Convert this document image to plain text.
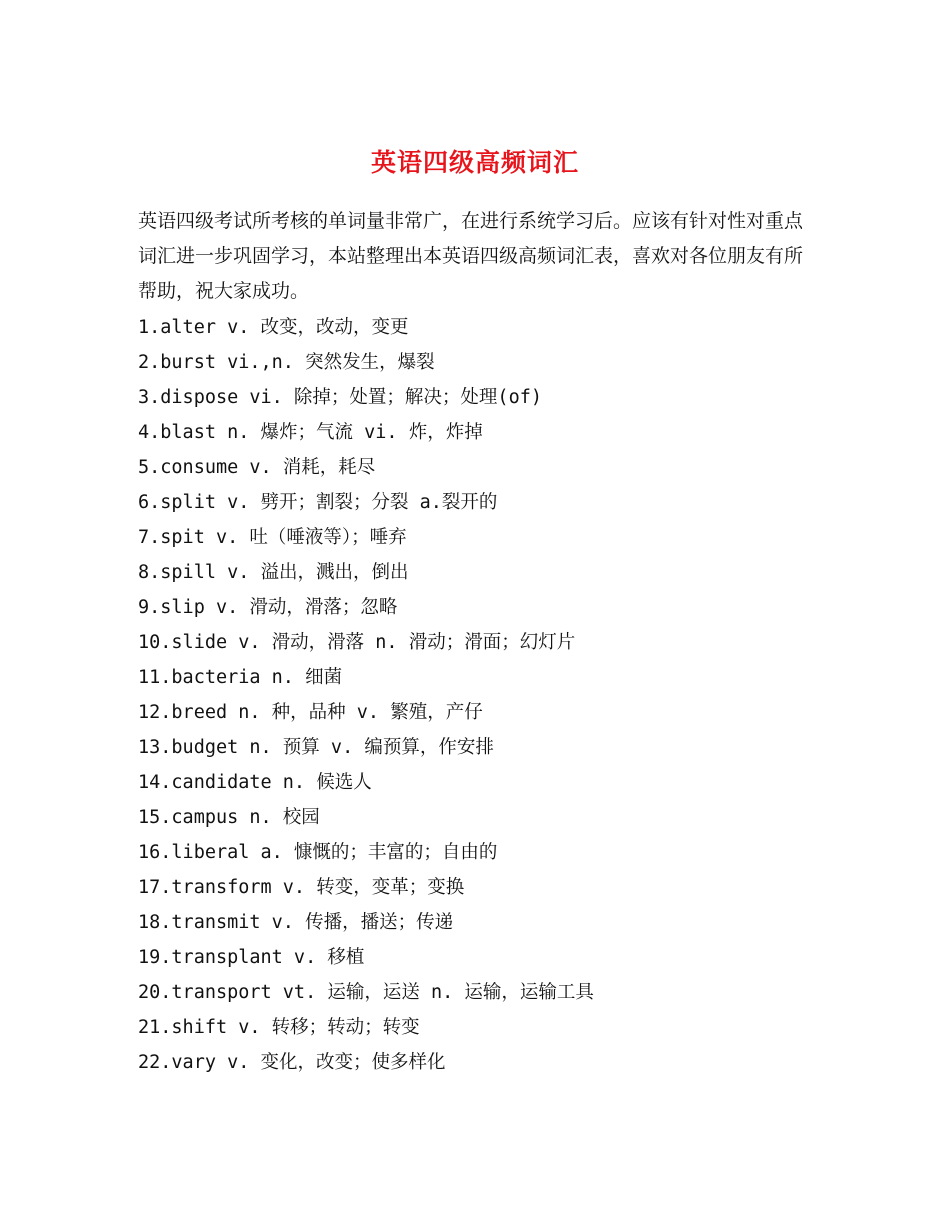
英语四级高频词汇

英语四级考试所考核的单词量非常广，在进行系统学习后。应该有针对性对重点词汇进一步巩固学习，本站整理出本英语四级高频词汇表，喜欢对各位朋友有所帮助，祝大家成功。

1.alter v. 改变，改动，变更
2.burst vi.,n. 突然发生，爆裂
3.dispose vi. 除掉；处置；解决；处理(of)
4.blast n. 爆炸；气流 vi. 炸，炸掉
5.consume v. 消耗，耗尽
6.split v. 劈开；割裂；分裂 a.裂开的
7.spit v. 吐（唾液等）；唾弃
8.spill v. 溢出，溅出，倒出
9.slip v. 滑动，滑落；忽略
10.slide v. 滑动，滑落 n. 滑动；滑面；幻灯片
11.bacteria n. 细菌
12.breed n. 种，品种 v. 繁殖，产仔
13.budget n. 预算 v. 编预算，作安排
14.candidate n. 候选人
15.campus n. 校园
16.liberal a. 慷慨的；丰富的；自由的
17.transform v. 转变，变革；变换
18.transmit v. 传播，播送；传递
19.transplant v. 移植
20.transport vt. 运输，运送 n. 运输，运输工具
21.shift v. 转移；转动；转变
22.vary v. 变化，改变；使多样化
